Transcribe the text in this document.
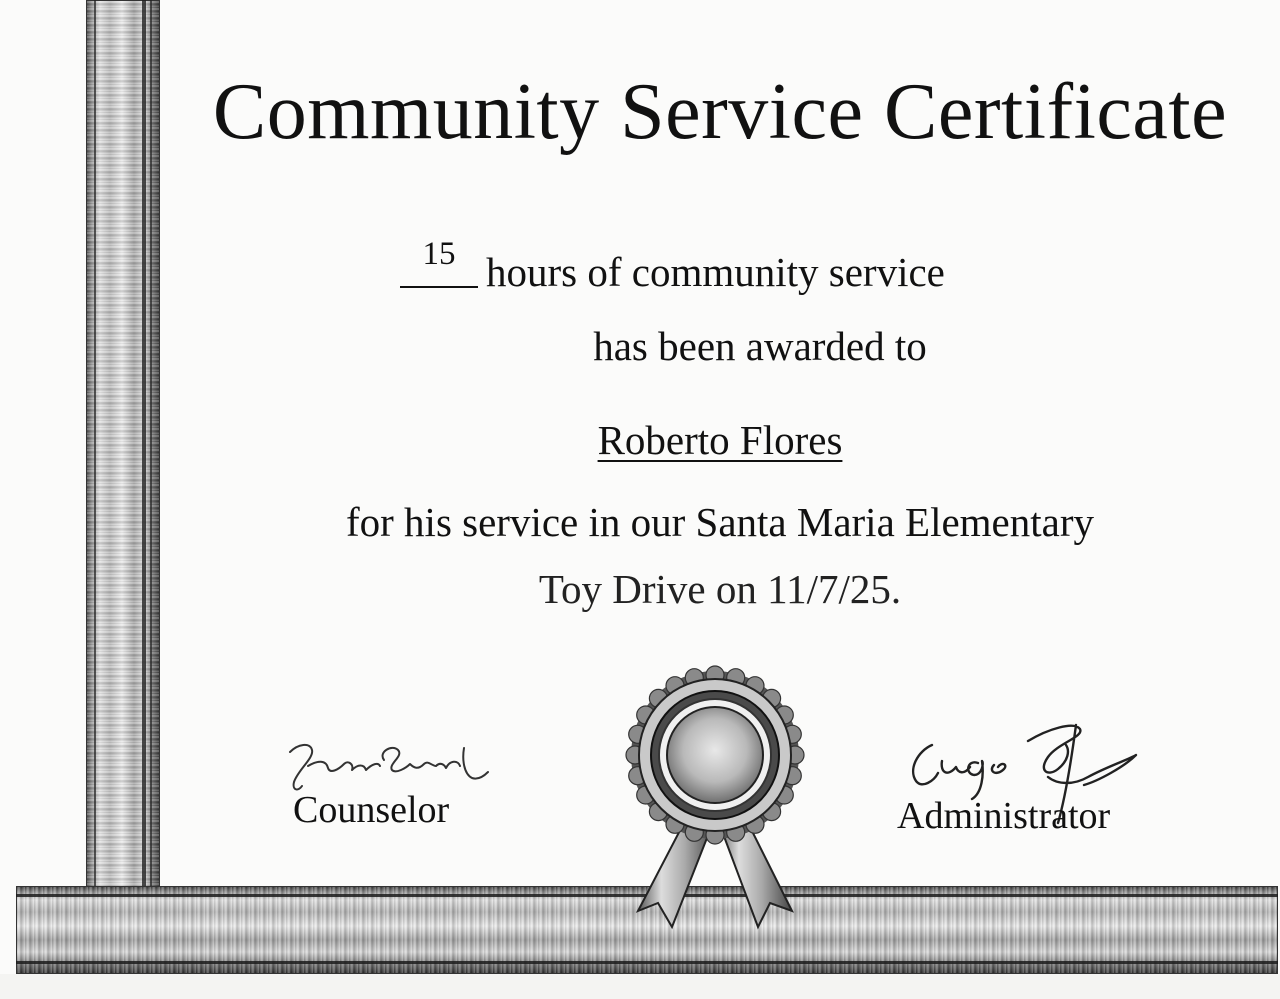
Community Service Certificate
15 hours of community service
has been awarded to
Roberto Flores
for his service in our Santa Maria Elementary
Toy Drive on 11/7/25.
Counselor	Administrator
